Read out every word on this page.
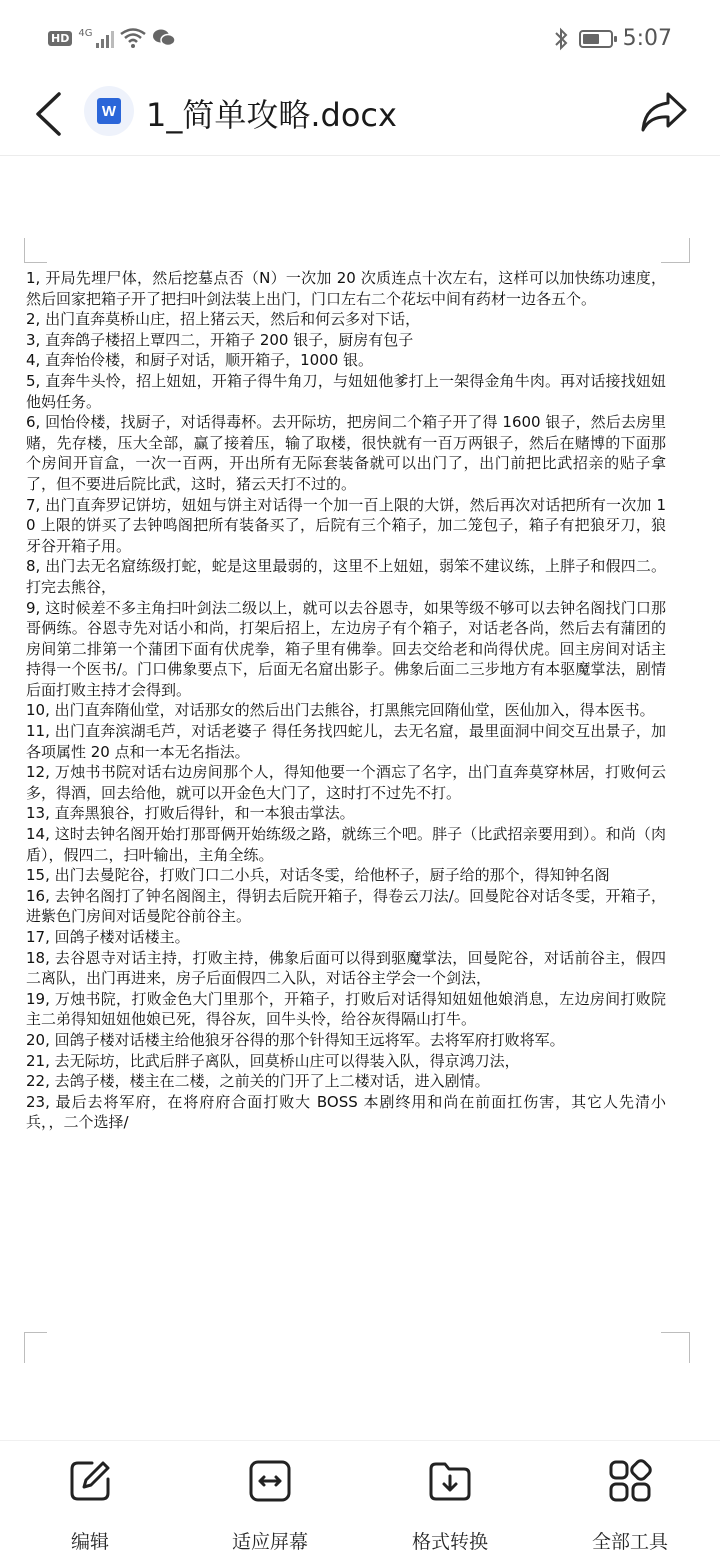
HD 4G	5:07
W 1_简单攻略.docx

1, 开局先埋尸体，然后挖墓点否（N）一次加 20 次质连点十次左右，这样可以加快练功速度，然后回家把箱子开了把扫叶剑法装上出门，门口左右二个花坛中间有药材一边各五个。

2, 出门直奔莫桥山庄，招上猪云天，然后和何云多对下话，

3, 直奔鸽子楼招上覃四二，开箱子 200 银子，厨房有包子

4, 直奔怡伶楼，和厨子对话，顺开箱子，1000 银。

5, 直奔牛头怜，招上妞妞，开箱子得牛角刀，与妞妞他爹打上一架得金角牛肉。再对话接找妞妞他妈任务。

6, 回怡伶楼，找厨子，对话得毒杯。去开际坊，把房间二个箱子开了得 1600 银子，然后去房里赌，先存楼，压大全部，赢了接着压，输了取楼，很快就有一百万两银子，然后在赌博的下面那个房间开盲盒，一次一百两，开出所有无际套装备就可以出门了，出门前把比武招亲的贴子拿了，但不要进后院比武，这时，猪云天打不过的。

7, 出门直奔罗记饼坊，妞妞与饼主对话得一个加一百上限的大饼，然后再次对话把所有一次加 10 上限的饼买了去钟鸣阁把所有装备买了，后院有三个箱子，加二笼包子，箱子有把狼牙刀，狼牙谷开箱子用。

8, 出门去无名窟练级打蛇，蛇是这里最弱的，这里不上妞妞，弱笨不建议练，上胖子和假四二。打完去熊谷，

9, 这时候差不多主角扫叶剑法二级以上，就可以去谷恩寺，如果等级不够可以去钟名阁找门口那哥俩练。谷恩寺先对话小和尚，打架后招上，左边房子有个箱子，对话老各尚，然后去有蒲团的房间第二排第一个蒲团下面有伏虎拳，箱子里有佛拳。回去交给老和尚得伏虎。回主房间对话主持得一个医书/。门口佛象要点下，后面无名窟出影子。佛象后面二三步地方有本驱魔掌法，剧情后面打败主持才会得到。

10, 出门直奔隋仙堂，对话那女的然后出门去熊谷，打黑熊完回隋仙堂，医仙加入，得本医书。

11, 出门直奔滨湖毛芦，对话老婆子 得任务找四蛇儿，去无名窟，最里面洞中间交互出景子，加各项属性 20 点和一本无名指法。

12, 万烛书书院对话右边房间那个人，得知他要一个酒忘了名字，出门直奔莫穿林居，打败何云多，得酒，回去给他，就可以开金色大门了，这时打不过先不打。

13, 直奔黑狼谷，打败后得针，和一本狼击掌法。

14, 这时去钟名阁开始打那哥俩开始练级之路，就练三个吧。胖子（比武招亲要用到）。和尚（肉盾），假四二，扫叶输出，主角全练。

15, 出门去曼陀谷，打败门口二小兵，对话冬雯，给他杯子，厨子给的那个，得知钟名阁

16, 去钟名阁打了钟名阁阁主，得钥去后院开箱子，得卷云刀法/。回曼陀谷对话冬雯，开箱子，进紫色门房间对话曼陀谷前谷主。

17, 回鸽子楼对话楼主。

18, 去谷恩寺对话主持，打败主持，佛象后面可以得到驱魔掌法，回曼陀谷，对话前谷主，假四二离队，出门再进来，房子后面假四二入队，对话谷主学会一个剑法，

19, 万烛书院，打败金色大门里那个，开箱子，打败后对话得知妞妞他娘消息，左边房间打败院主二弟得知妞妞他娘已死，得谷灰，回牛头怜，给谷灰得隔山打牛。

20, 回鸽子楼对话楼主给他狼牙谷得的那个针得知王远将军。去将军府打败将军。

21, 去无际坊，比武后胖子离队，回莫桥山庄可以得装入队，得京鸿刀法，

22, 去鸽子楼，楼主在二楼，之前关的门开了上二楼对话，进入剧情。

23, 最后去将军府，在将府府合面打败大 BOSS 本剧终用和尚在前面扛伤害，其它人先清小兵，，二个选择/

编辑	适应屏幕	格式转换	全部工具
